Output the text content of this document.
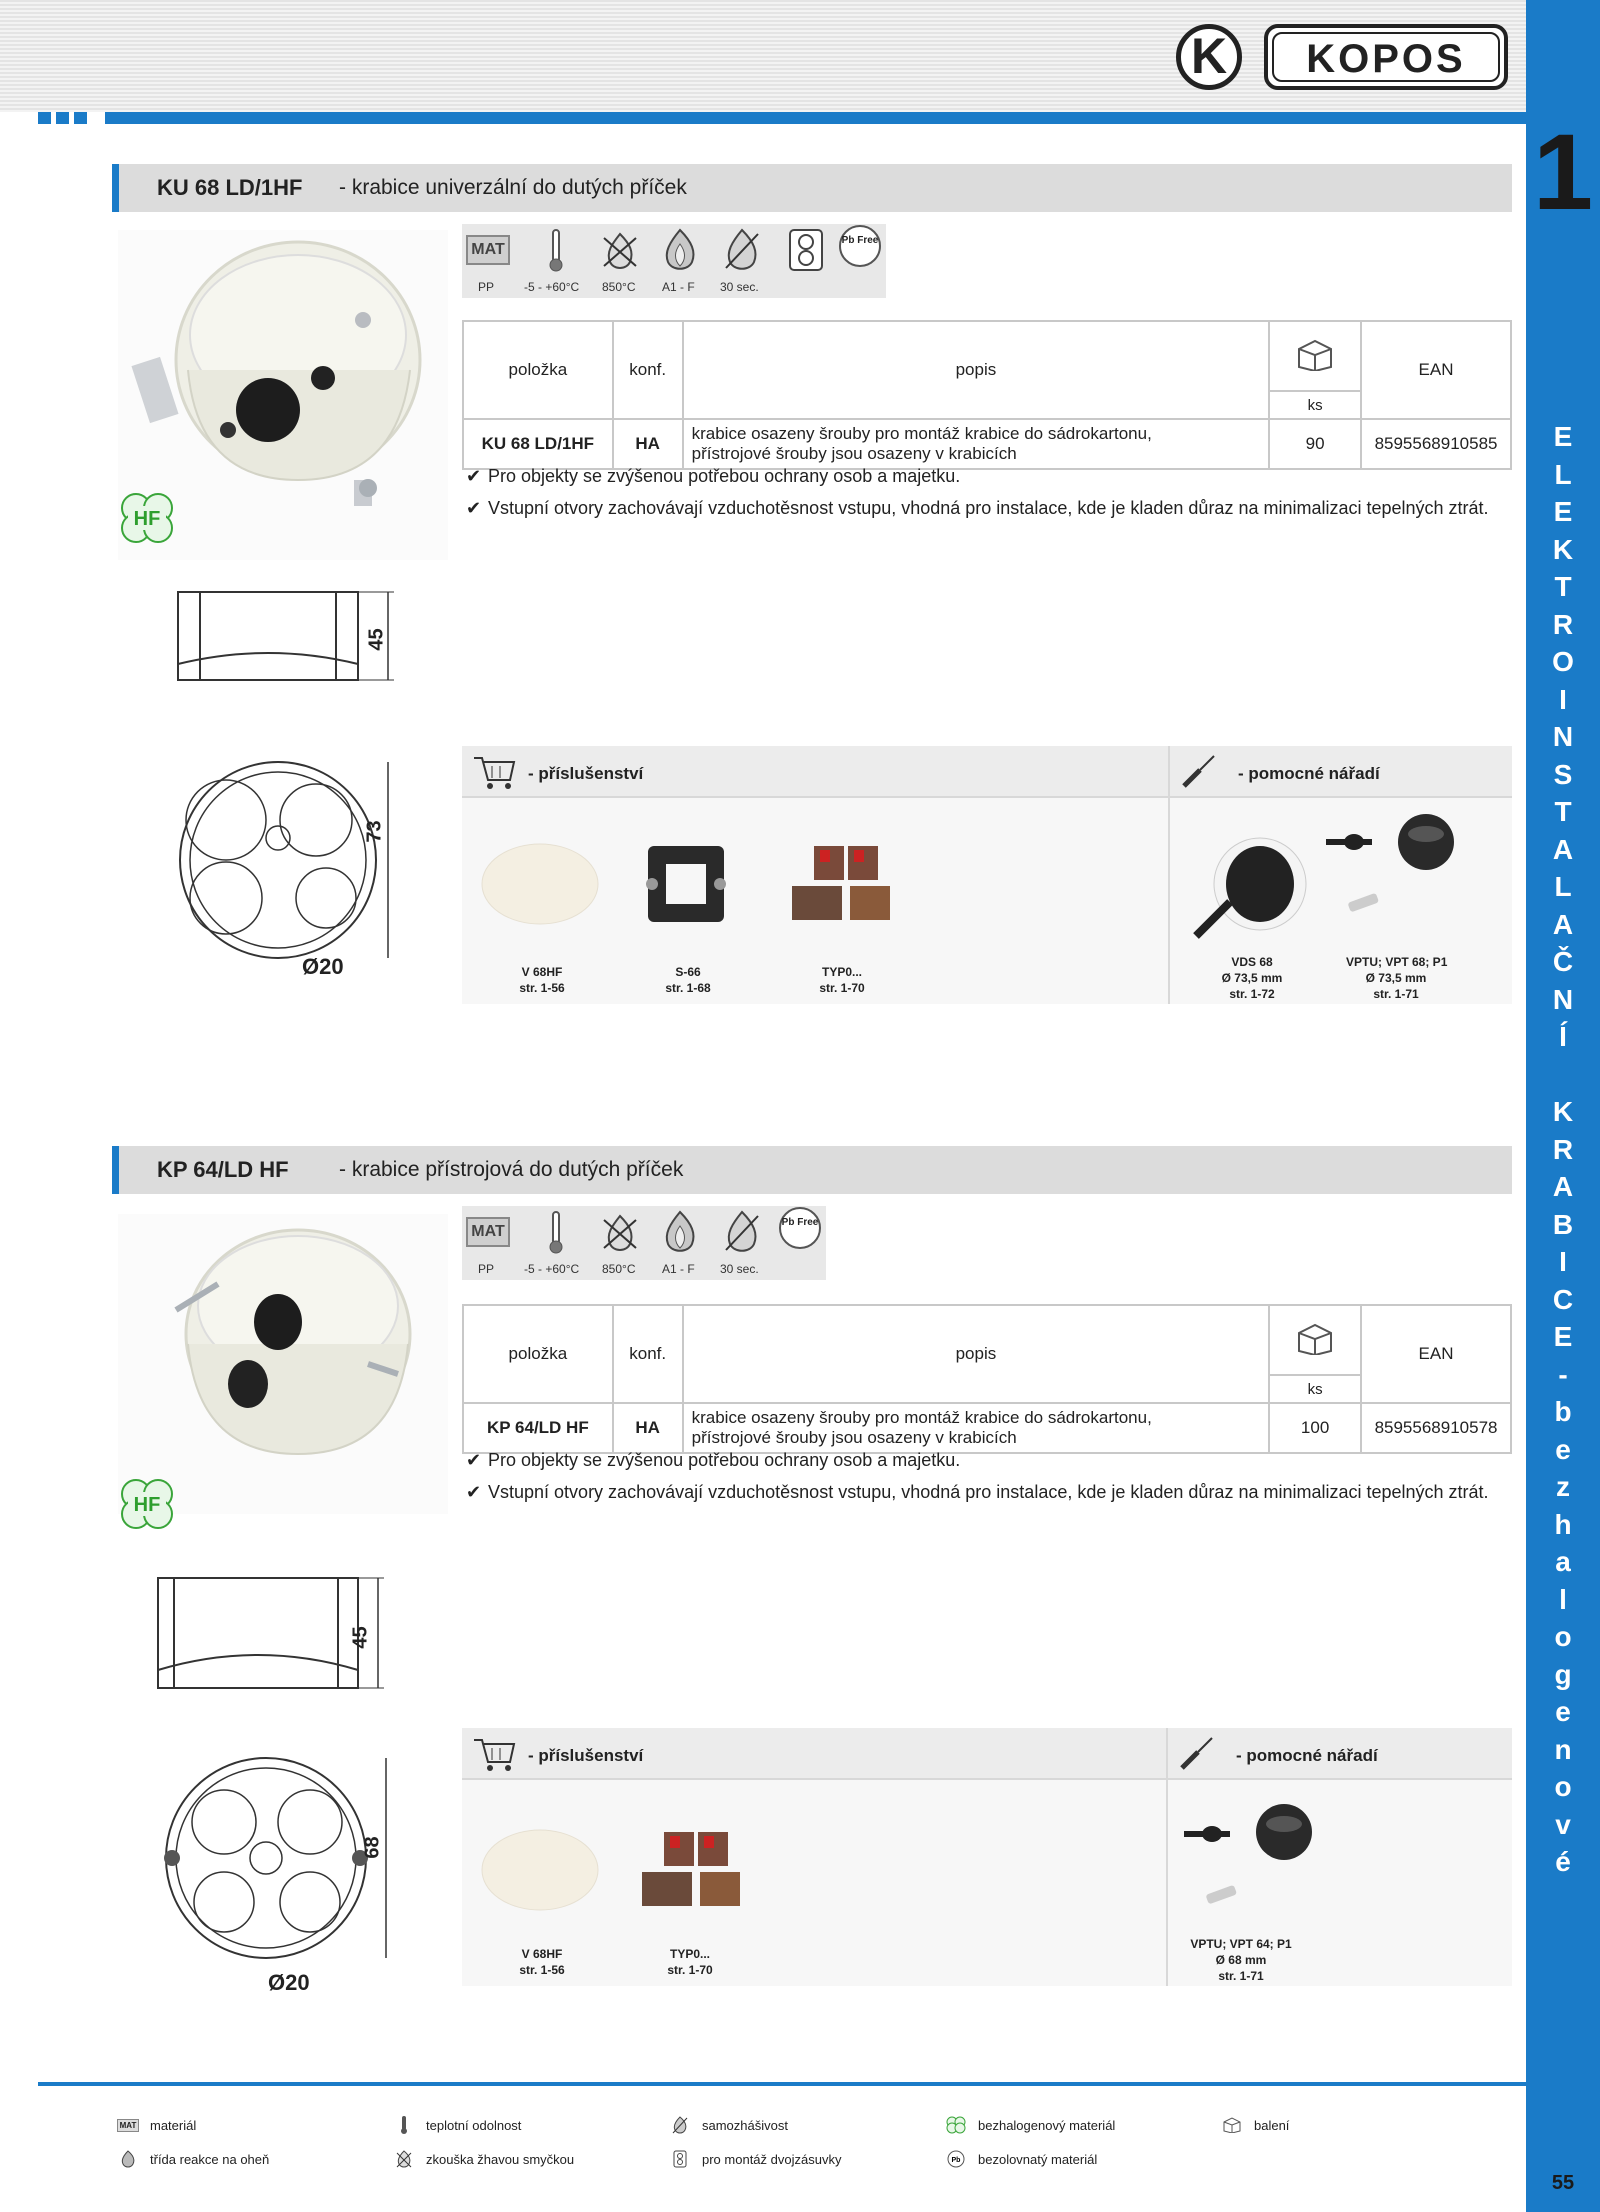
K	KOPOS
1
E
L
E
K
T
R
O
I
N
S
T
A
L
A
Č
N
Í
K
R
A
B
I
C
E
-
b
e
z
h
a
l
o
g
e
n
o
v
é
55
KU 68 LD/1HF - krabice univerzální do dutých příček
HF
MAT
Pb Free
PP -5 - +60°C 850°C A1 - F 30 sec.
položka	konf.	popis		EAN
			ks	
KU 68 LD/1HF	HA	krabice osazeny šrouby pro montáž krabice do sádrokartonu,
přístrojové šrouby jsou osazeny v krabicích	90	8595568910585
✔ Pro objekty se zvýšenou potřebou ochrany osob a majetku.
✔ Vstupní otvory zachovávají vzduchotěsnost vstupu, vhodná pro instalace, kde je kladen důraz na minimalizaci tepelných ztrát.
45
73
Ø20
- příslušenství
V 68HF
str. 1-56
S-66
str. 1-68
TYP0...
str. 1-70
- pomocné nářadí
VDS 68
Ø 73,5 mm
str. 1-72
VPTU; VPT 68; P1
Ø 73,5 mm
str. 1-71
KP 64/LD HF - krabice přístrojová do dutých příček
HF
MAT
Pb Free
PP -5 - +60°C 850°C A1 - F 30 sec.
položka	konf.	popis		EAN
			ks	
KP 64/LD HF	HA	krabice osazeny šrouby pro montáž krabice do sádrokartonu,
přístrojové šrouby jsou osazeny v krabicích	100	8595568910578
✔ Pro objekty se zvýšenou potřebou ochrany osob a majetku.
✔ Vstupní otvory zachovávají vzduchotěsnost vstupu, vhodná pro instalace, kde je kladen důraz na minimalizaci tepelných ztrát.
45
68
Ø20
- příslušenství
V 68HF
str. 1-56
TYP0...
str. 1-70
- pomocné nářadí
VPTU; VPT 64; P1
Ø 68 mm
str. 1-71
MAT materiál	teplotní odolnost	samozhášivost	bezhalogenový materiál	balení
třída reakce na oheň	zkouška žhavou smyčkou	pro montáž dvojzásuvky	Pb bezolovnatý materiál
